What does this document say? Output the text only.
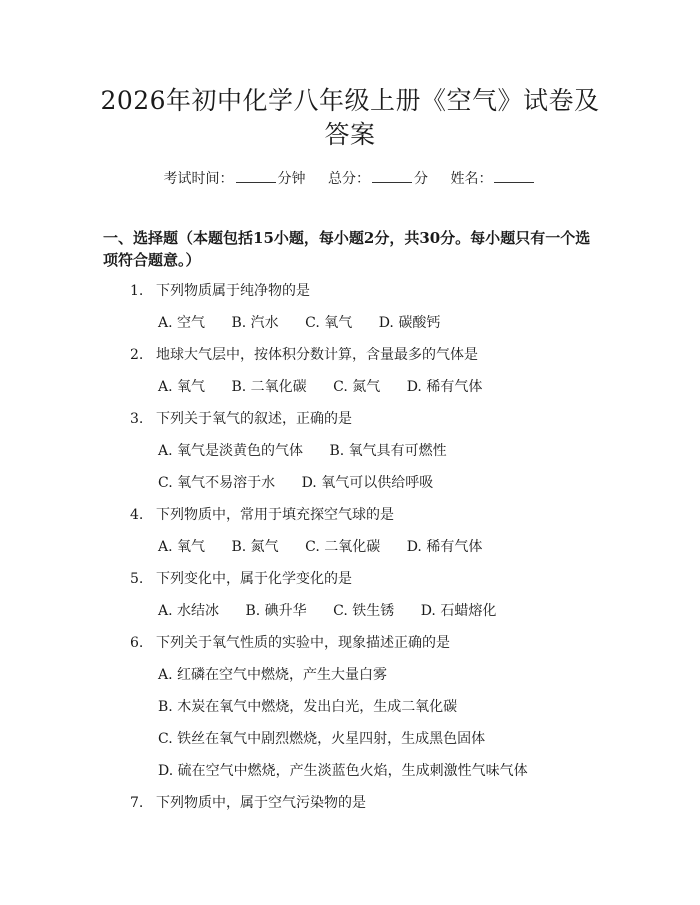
2026年初中化学八年级上册《空气》试卷及答案
考试时间：	分钟 总分：	分 姓名：
一、选择题（本题包括15小题，每小题2分，共30分。每小题只有一个选项符合题意。）
1. 下列物质属于纯净物的是
A. 空气 B. 汽水 C. 氧气 D. 碳酸钙
2. 地球大气层中，按体积分数计算，含量最多的气体是
A. 氧气 B. 二氧化碳 C. 氮气 D. 稀有气体
3. 下列关于氧气的叙述，正确的是
A. 氧气是淡黄色的气体 B. 氧气具有可燃性
C. 氧气不易溶于水 D. 氧气可以供给呼吸
4. 下列物质中，常用于填充探空气球的是
A. 氧气 B. 氮气 C. 二氧化碳 D. 稀有气体
5. 下列变化中，属于化学变化的是
A. 水结冰 B. 碘升华 C. 铁生锈 D. 石蜡熔化
6. 下列关于氧气性质的实验中，现象描述正确的是
A. 红磷在空气中燃烧，产生大量白雾
B. 木炭在氧气中燃烧，发出白光，生成二氧化碳
C. 铁丝在氧气中剧烈燃烧，火星四射，生成黑色固体
D. 硫在空气中燃烧，产生淡蓝色火焰，生成刺激性气味气体
7. 下列物质中，属于空气污染物的是
